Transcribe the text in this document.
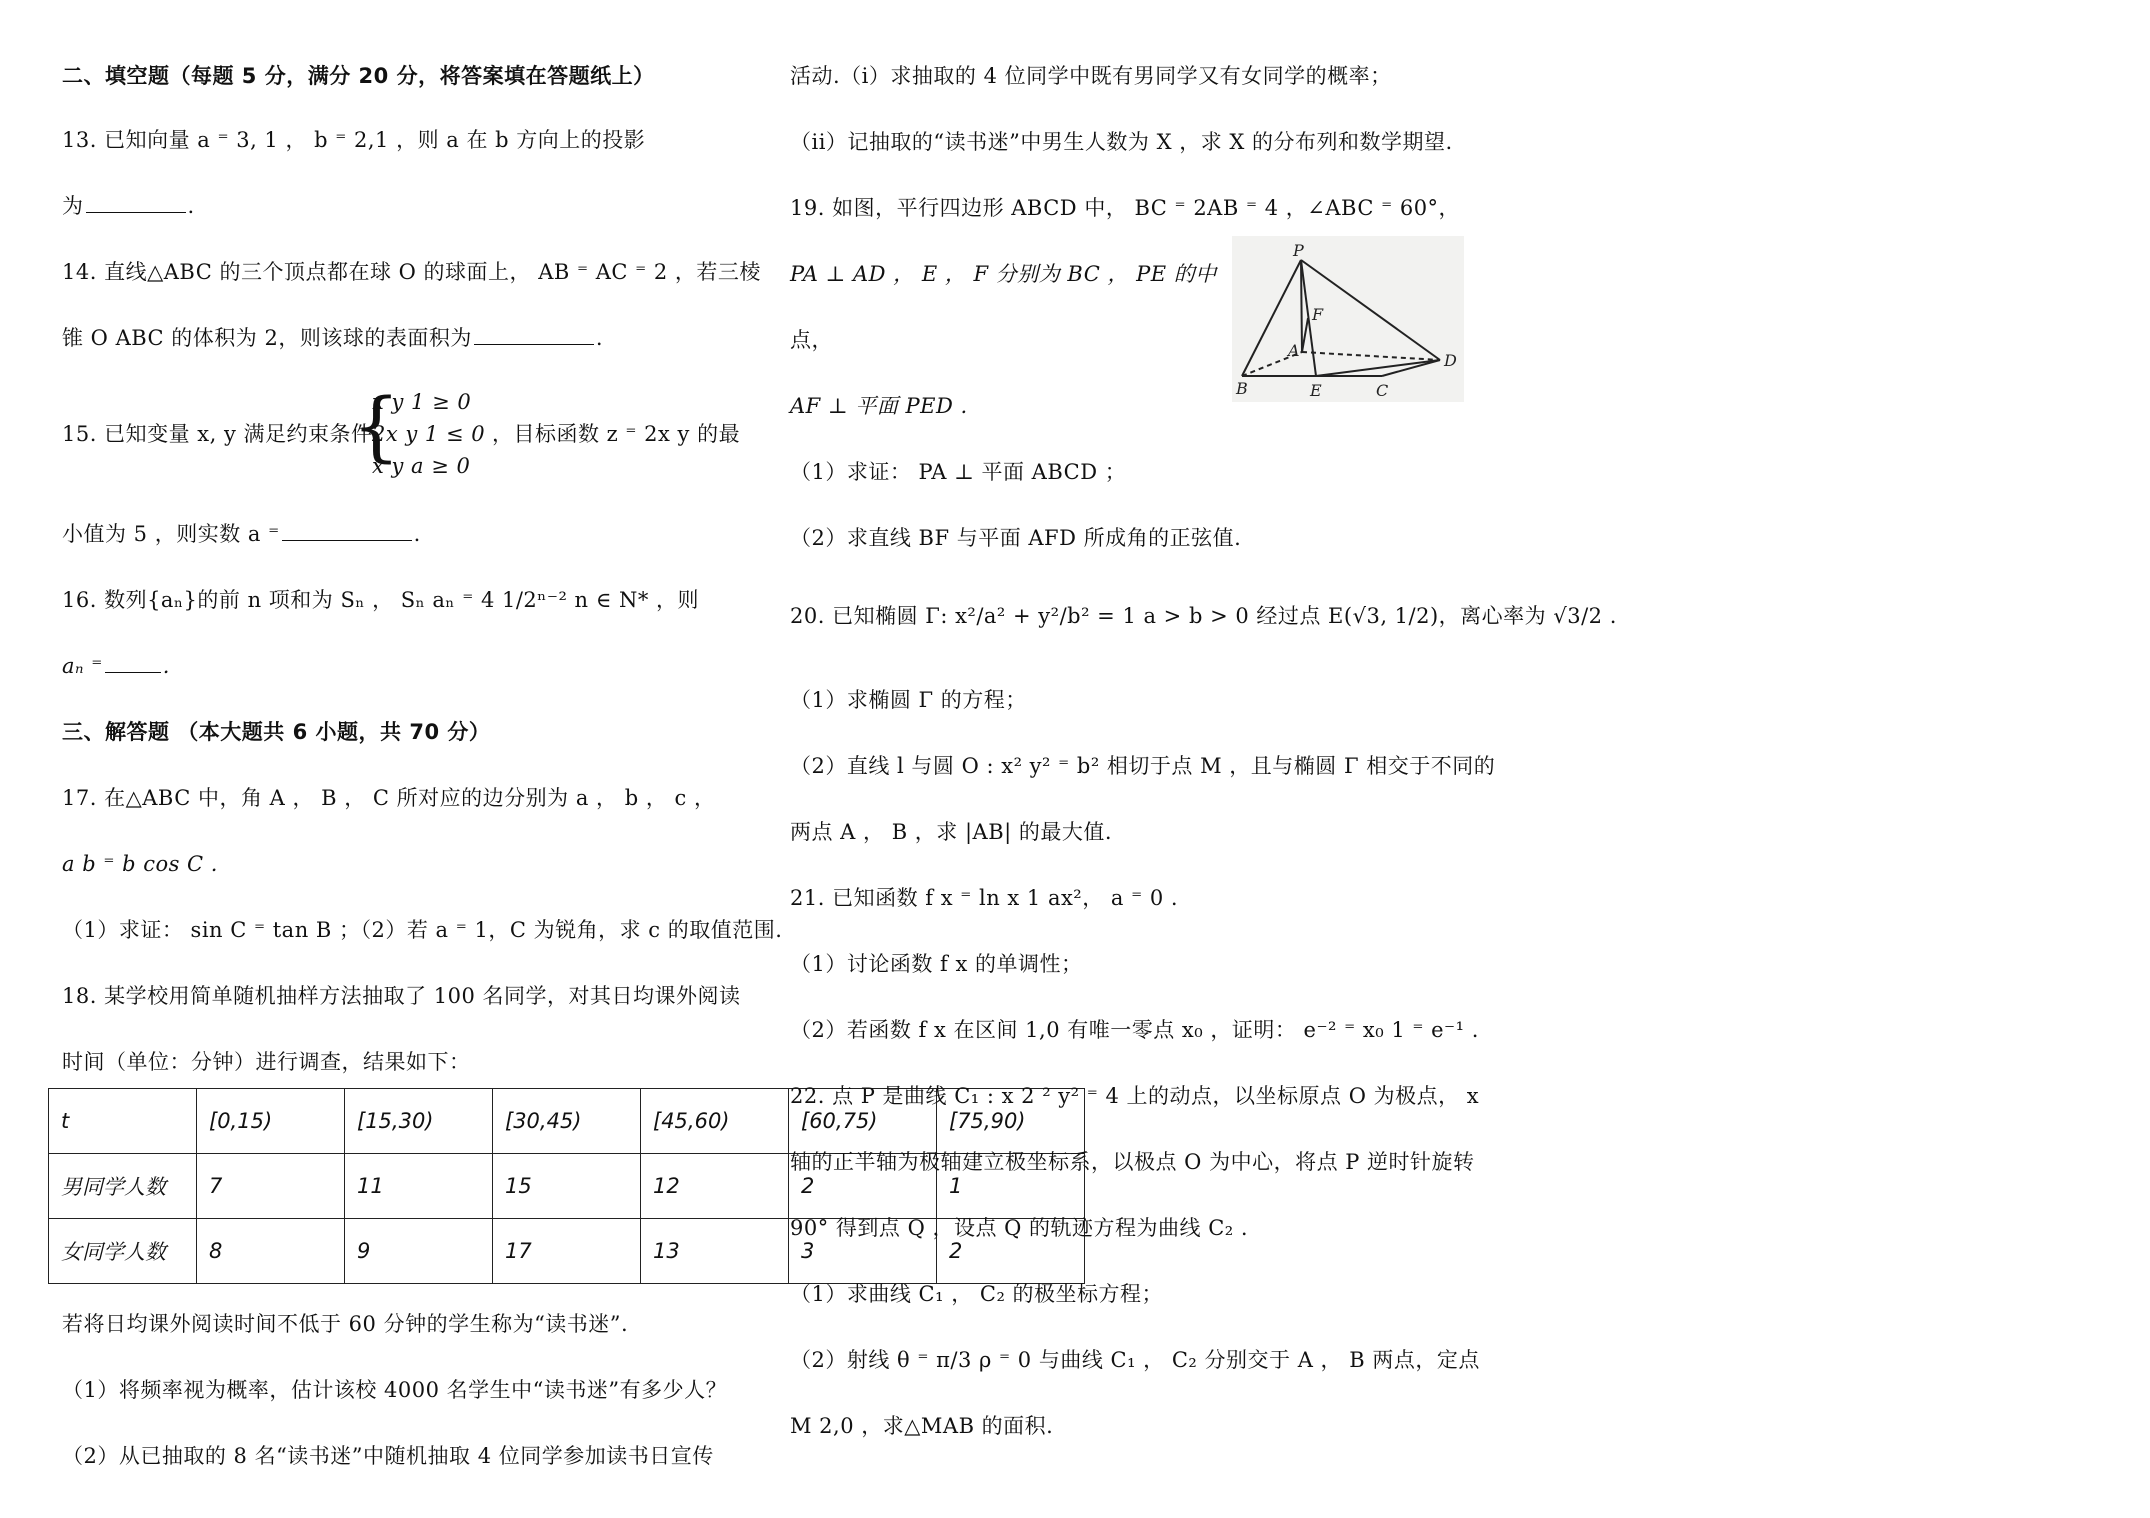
二、填空题（每题 5 分，满分 20 分，将答案填在答题纸上）
13. 已知向量 a ⁼ 3, 1 ， b ⁼ 2,1 ，则 a 在 b 方向上的投影
为	.
14. 直线△ABC 的三个顶点都在球 O 的球面上， AB ⁼ AC ⁼ 2 ，若三棱
锥 O ABC 的体积为 2，则该球的表面积为	.
15. 已知变量 x, y 满足约束条件
{
x y 1 ≥ 0
2x y 1 ≤ 0
x y a ≥ 0
，目标函数 z ⁼ 2x y 的最
小值为 5 ，则实数 a ⁼	.
16. 数列{aₙ}的前 n 项和为 Sₙ ， Sₙ aₙ ⁼ 4 1/2ⁿ⁻² n ∈ N* ，则
aₙ ⁼	.
三、解答题 （本大题共 6 小题，共 70 分）
17. 在△ABC 中，角 A ， B ， C 所对应的边分别为 a ， b ， c ，
a b ⁼ b cos C .
（1）求证： sin C ⁼ tan B ；（2）若 a ⁼ 1，C 为锐角，求 c 的取值范围.
18. 某学校用简单随机抽样方法抽取了 100 名同学，对其日均课外阅读
时间（单位：分钟）进行调查，结果如下：
t	[0,15)	[15,30)	[30,45)	[45,60)	[60,75)	[75,90)
男同学人数	7	11	15	12	2	1
女同学人数	8	9	17	13	3	2
若将日均课外阅读时间不低于 60 分钟的学生称为“读书迷”.
（1）将频率视为概率，估计该校 4000 名学生中“读书迷”有多少人？
（2）从已抽取的 8 名“读书迷”中随机抽取 4 位同学参加读书日宣传
活动.（i）求抽取的 4 位同学中既有男同学又有女同学的概率；
（ii）记抽取的“读书迷”中男生人数为 X ，求 X 的分布列和数学期望.
19. 如图，平行四边形 ABCD 中， BC ⁼ 2AB ⁼ 4 ，∠ABC ⁼ 60°，
PA ⊥ AD ， E ， F 分别为 BC ， PE 的中
点，
AF ⊥ 平面 PED .
P
F
A
D
B	E	C
（1）求证： PA ⊥ 平面 ABCD ；
（2）求直线 BF 与平面 AFD 所成角的正弦值.
20. 已知椭圆 Γ: x²/a² + y²/b² = 1 a > b > 0 经过点 E(√3, 1/2)，离心率为 √3/2 .
（1）求椭圆 Γ 的方程；
（2）直线 l 与圆 O : x² y² ⁼ b² 相切于点 M ，且与椭圆 Γ 相交于不同的
两点 A ， B ，求 |AB| 的最大值.
21. 已知函数 f x ⁼ ln x 1 ax²， a ⁼ 0 .
（1）讨论函数 f x 的单调性；
（2）若函数 f x 在区间 1,0 有唯一零点 x₀ ，证明： e⁻² ⁼ x₀ 1 ⁼ e⁻¹ .
22. 点 P 是曲线 C₁ : x 2 ² y² ⁼ 4 上的动点，以坐标原点 O 为极点， x
轴的正半轴为极轴建立极坐标系，以极点 O 为中心，将点 P 逆时针旋转
90° 得到点 Q ，设点 Q 的轨迹方程为曲线 C₂ .
（1）求曲线 C₁ ， C₂ 的极坐标方程；
（2）射线 θ ⁼ π/3 ρ ⁼ 0 与曲线 C₁ ， C₂ 分别交于 A ， B 两点，定点
M 2,0 ，求△MAB 的面积.
